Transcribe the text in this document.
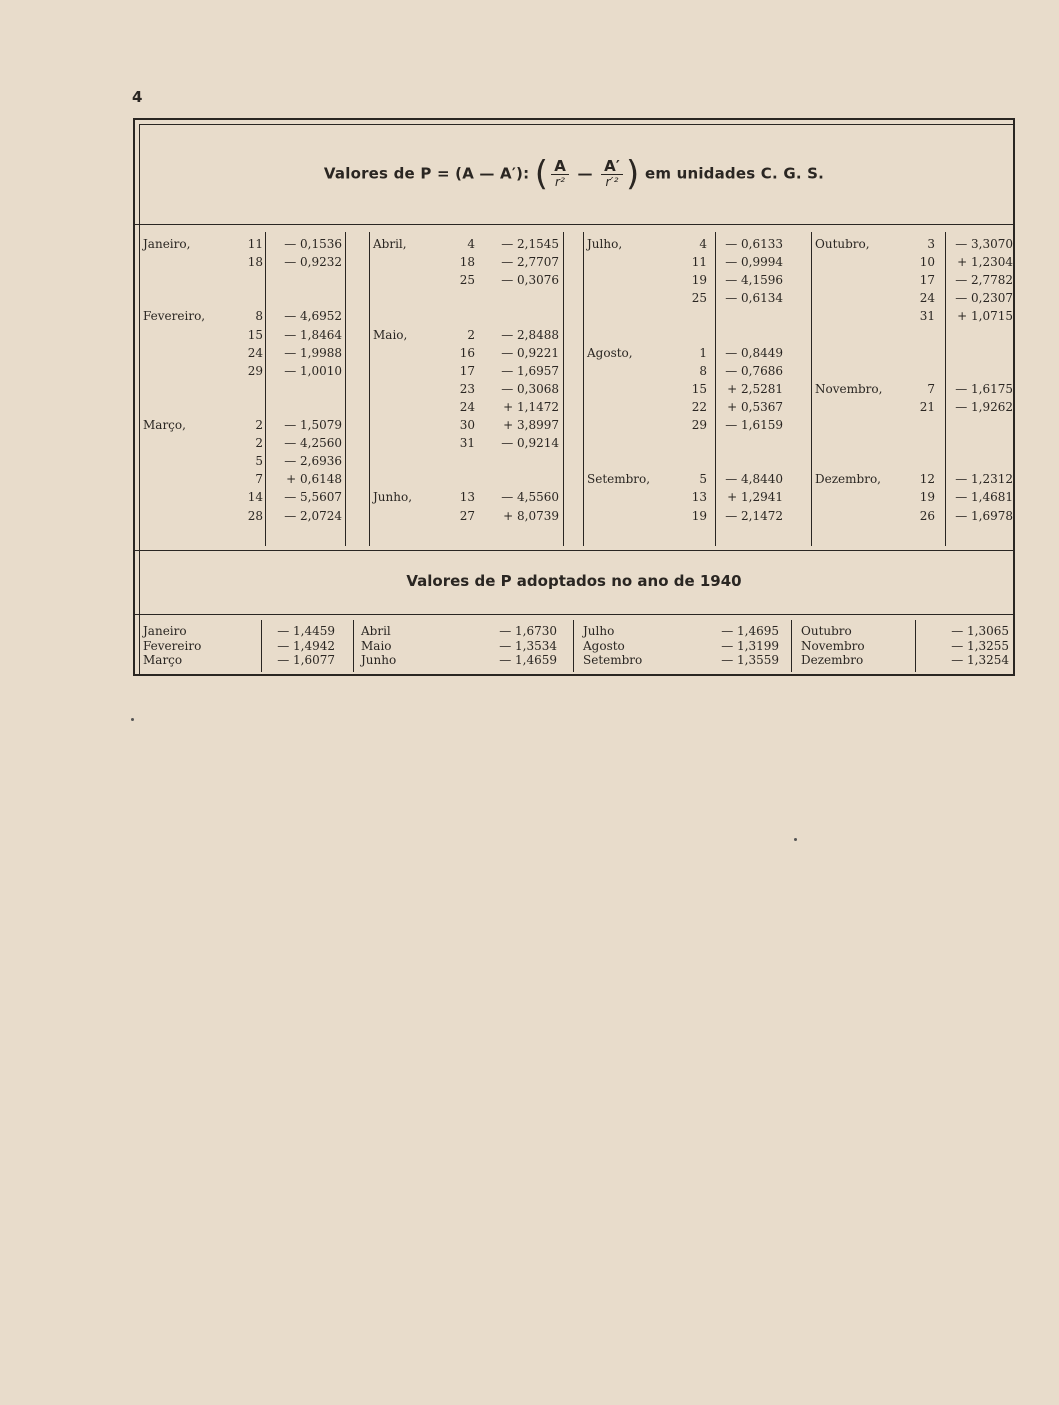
4
Valores de P = (A — A′): ( $\frac{A}{\text{r²}}$ — $\frac{A'}{\text{r′²}}$ ) em unidades C. G. S.
Valores de P adoptados no ano de 1940
Janeiro,	11	— 0,1536
18	— 0,9232
Fevereiro,	8	— 4,6952
15	— 1,8464
24	— 1,9988
29	— 1,0010
Março,	2	— 1,5079
2	— 4,2560
5	— 2,6936
7	+ 0,6148
14	— 5,5607
28	— 2,0724
Abril,	4	— 2,1545
18	— 2,7707
25	— 0,3076
Maio,	2	— 2,8488
16	— 0,9221
17	— 1,6957
23	— 0,3068
24	+ 1,1472
30	+ 3,8997
31	— 0,9214
Junho,	13	— 4,5560
27	+ 8,0739
Julho,	4	— 0,6133
11	— 0,9994
19	— 4,1596
25	— 0,6134
Agosto,	1	— 0,8449
8	— 0,7686
15	+ 2,5281
22	+ 0,5367
29	— 1,6159
Setembro,	5	— 4,8440
13	+ 1,2941
19	— 2,1472
Outubro,	3	— 3,3070
10	+ 1,2304
17	— 2,7782
24	— 0,2307
31	+ 1,0715
Novembro,	7	— 1,6175
21	— 1,9262
Dezembro,	12	— 1,2312
19	— 1,4681
26	— 1,6978
Janeiro	— 1,4459
Fevereiro	— 1,4942
Março	— 1,6077
Abril	— 1,6730
Maio	— 1,3534
Junho	— 1,4659
Julho	— 1,4695
Agosto	— 1,3199
Setembro	— 1,3559
Outubro	— 1,3065
Novembro	— 1,3255
Dezembro	— 1,3254
